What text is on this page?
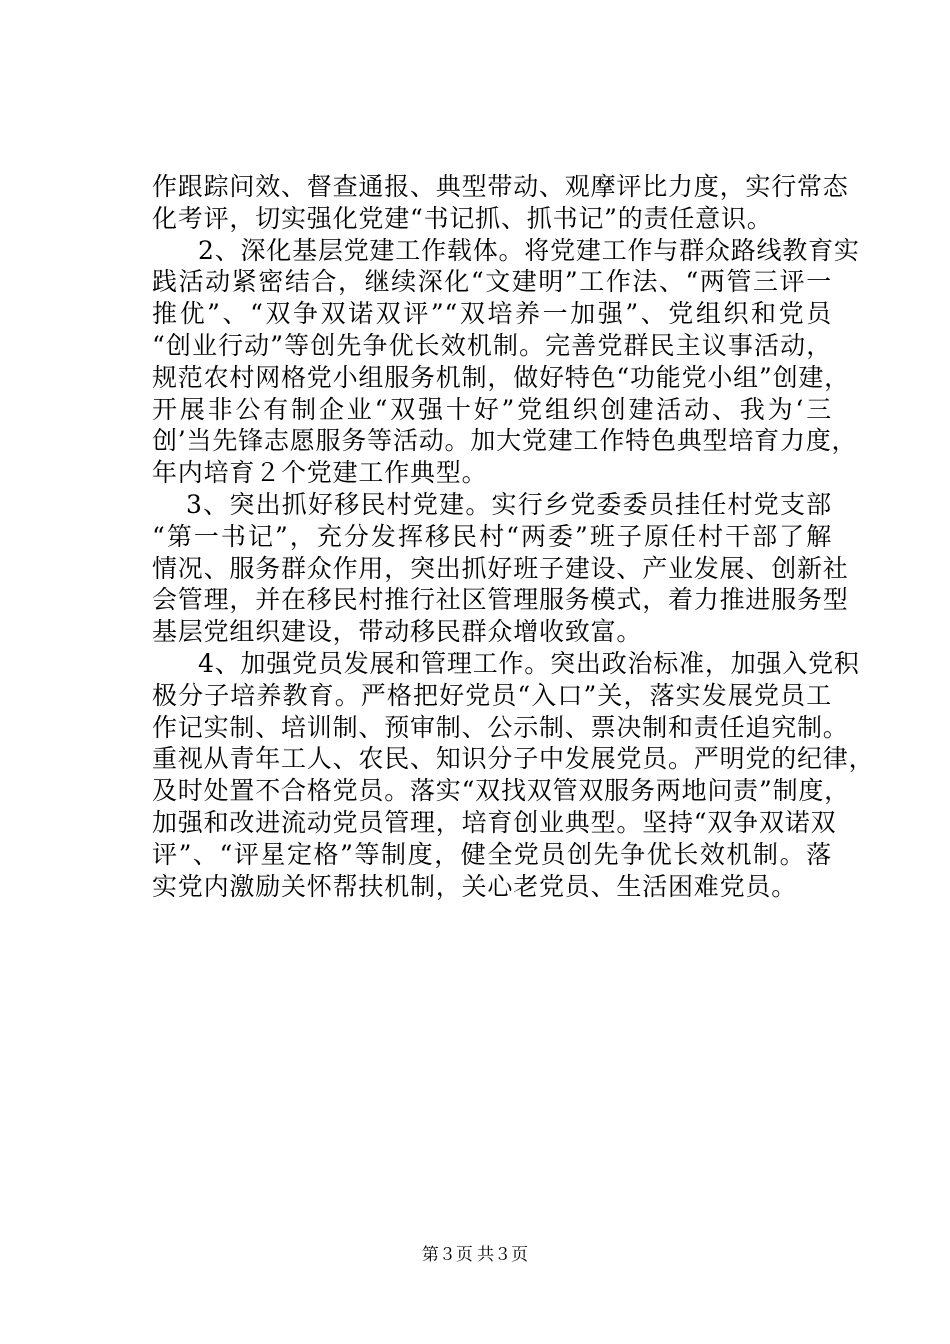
作跟踪问效、督查通报、典型带动、观摩评比力度，实行常态
化考评，切实强化党建“书记抓、抓书记”的责任意识。
2、深化基层党建工作载体。将党建工作与群众路线教育实
践活动紧密结合，继续深化“文建明”工作法、“两管三评一
推优”、“双争双诺双评”“双培养一加强”、党组织和党员
“创业行动”等创先争优长效机制。完善党群民主议事活动，
规范农村网格党小组服务机制，做好特色“功能党小组”创建，
开展非公有制企业“双强十好”党组织创建活动、我为‘三
创’当先锋志愿服务等活动。加大党建工作特色典型培育力度，
年内培育２个党建工作典型。
3、突出抓好移民村党建。实行乡党委委员挂任村党支部
“第一书记”，充分发挥移民村“两委”班子原任村干部了解
情况、服务群众作用，突出抓好班子建设、产业发展、创新社
会管理，并在移民村推行社区管理服务模式，着力推进服务型
基层党组织建设，带动移民群众增收致富。
4、加强党员发展和管理工作。突出政治标准，加强入党积
极分子培养教育。严格把好党员“入口”关，落实发展党员工
作记实制、培训制、预审制、公示制、票决制和责任追究制。
重视从青年工人、农民、知识分子中发展党员。严明党的纪律，
及时处置不合格党员。落实“双找双管双服务两地问责”制度，
加强和改进流动党员管理，培育创业典型。坚持“双争双诺双
评”、“评星定格”等制度，健全党员创先争优长效机制。落
实党内激励关怀帮扶机制，关心老党员、生活困难党员。
第３页 共３页
